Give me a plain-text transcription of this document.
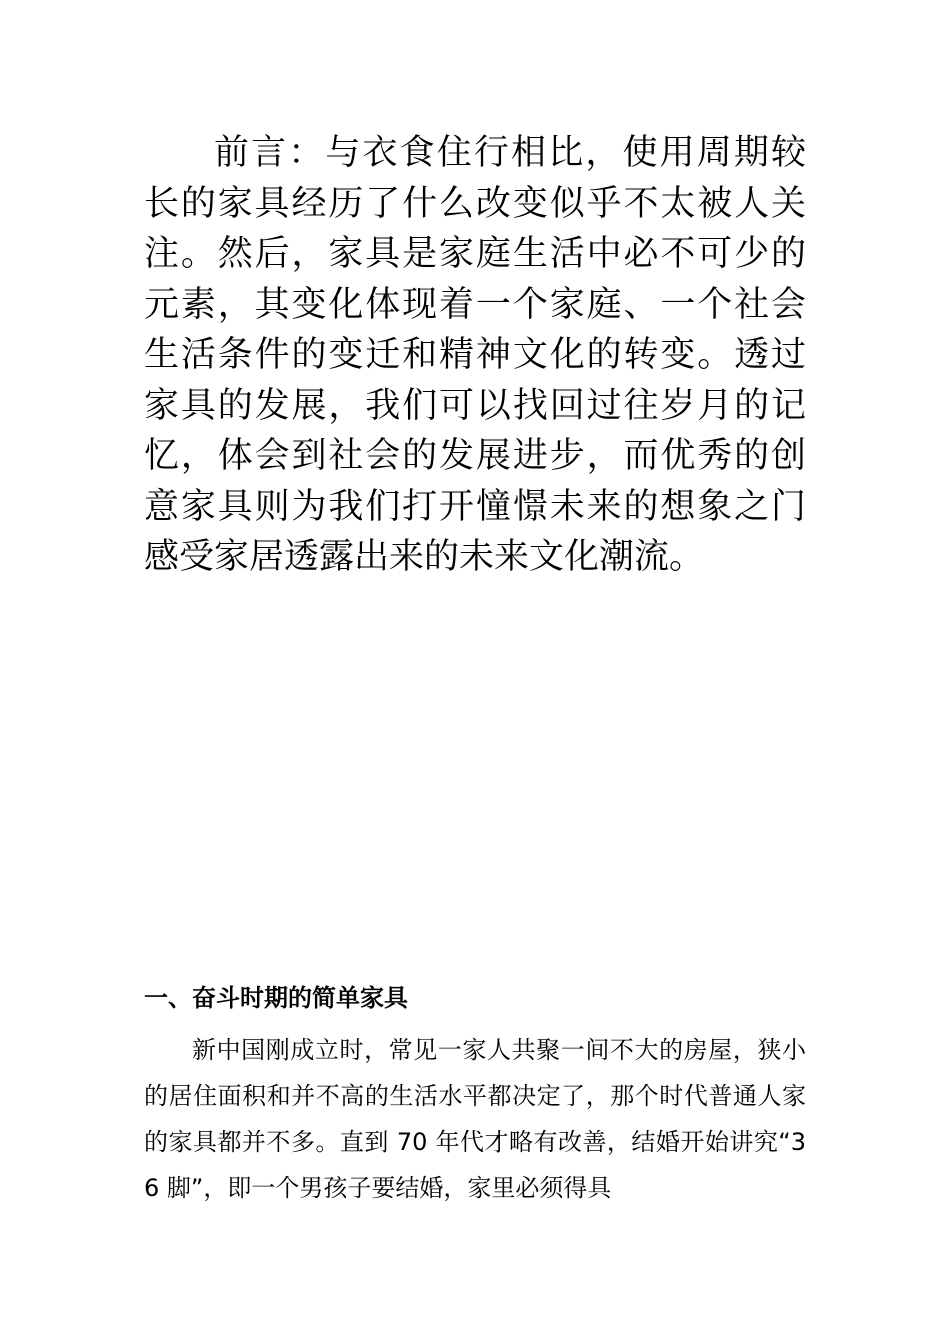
前言：与衣食住行相比，使用周期较长的家具经历了什么改变似乎不太被人关注。然后，家具是家庭生活中必不可少的元素，其变化体现着一个家庭、一个社会生活条件的变迁和精神文化的转变。透过家具的发展，我们可以找回过往岁月的记忆，体会到社会的发展进步，而优秀的创意家具则为我们打开憧憬未来的想象之门感受家居透露出来的未来文化潮流。

一、奋斗时期的简单家具

新中国刚成立时，常见一家人共聚一间不大的房屋，狭小的居住面积和并不高的生活水平都决定了，那个时代普通人家的家具都并不多。直到 70 年代才略有改善，结婚开始讲究“36 脚”，即一个男孩子要结婚，家里必须得具
